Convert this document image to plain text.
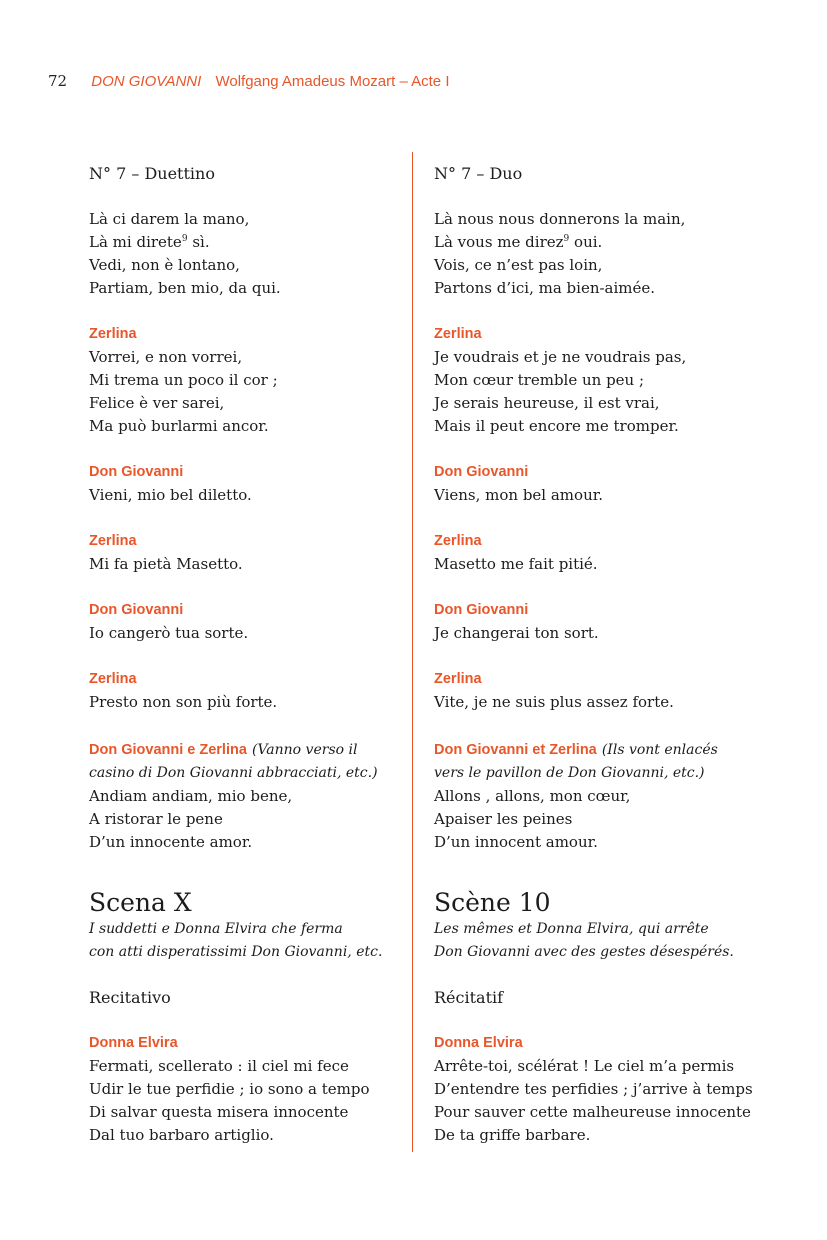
72 DON GIOVANNI Wolfgang Amadeus Mozart – Acte I
N° 7 – Duettino
Là ci darem la mano,
Là mi direte$^9$ sì.
Vedi, non è lontano,
Partiam, ben mio, da qui.
Zerlina
Vorrei, e non vorrei,
Mi trema un poco il cor ;
Felice è ver sarei,
Ma può burlarmi ancor.
Don Giovanni
Vieni, mio bel diletto.
Zerlina
Mi fa pietà Masetto.
Don Giovanni
Io cangerò tua sorte.
Zerlina
Presto non son più forte.
Don Giovanni e Zerlina (Vanno verso il
casino di Don Giovanni abbracciati, etc.)
Andiam andiam, mio bene,
A ristorar le pene
D’un innocente amor.
Scena X
I suddetti e Donna Elvira che ferma
con atti disperatissimi Don Giovanni, etc.
Recitativo
Donna Elvira
Fermati, scellerato : il ciel mi fece
Udir le tue perfidie ; io sono a tempo
Di salvar questa misera innocente
Dal tuo barbaro artiglio.
N° 7 – Duo
Là nous nous donnerons la main,
Là vous me direz$^9$ oui.
Vois, ce n’est pas loin,
Partons d’ici, ma bien-aimée.
Zerlina
Je voudrais et je ne voudrais pas,
Mon cœur tremble un peu ;
Je serais heureuse, il est vrai,
Mais il peut encore me tromper.
Don Giovanni
Viens, mon bel amour.
Zerlina
Masetto me fait pitié.
Don Giovanni
Je changerai ton sort.
Zerlina
Vite, je ne suis plus assez forte.
Don Giovanni et Zerlina (Ils vont enlacés
vers le pavillon de Don Giovanni, etc.)
Allons , allons, mon cœur,
Apaiser les peines
D’un innocent amour.
Scène 10
Les mêmes et Donna Elvira, qui arrête
Don Giovanni avec des gestes désespérés.
Récitatif
Donna Elvira
Arrête-toi, scélérat ! Le ciel m’a permis
D’entendre tes perfidies ; j’arrive à temps
Pour sauver cette malheureuse innocente
De ta griffe barbare.
